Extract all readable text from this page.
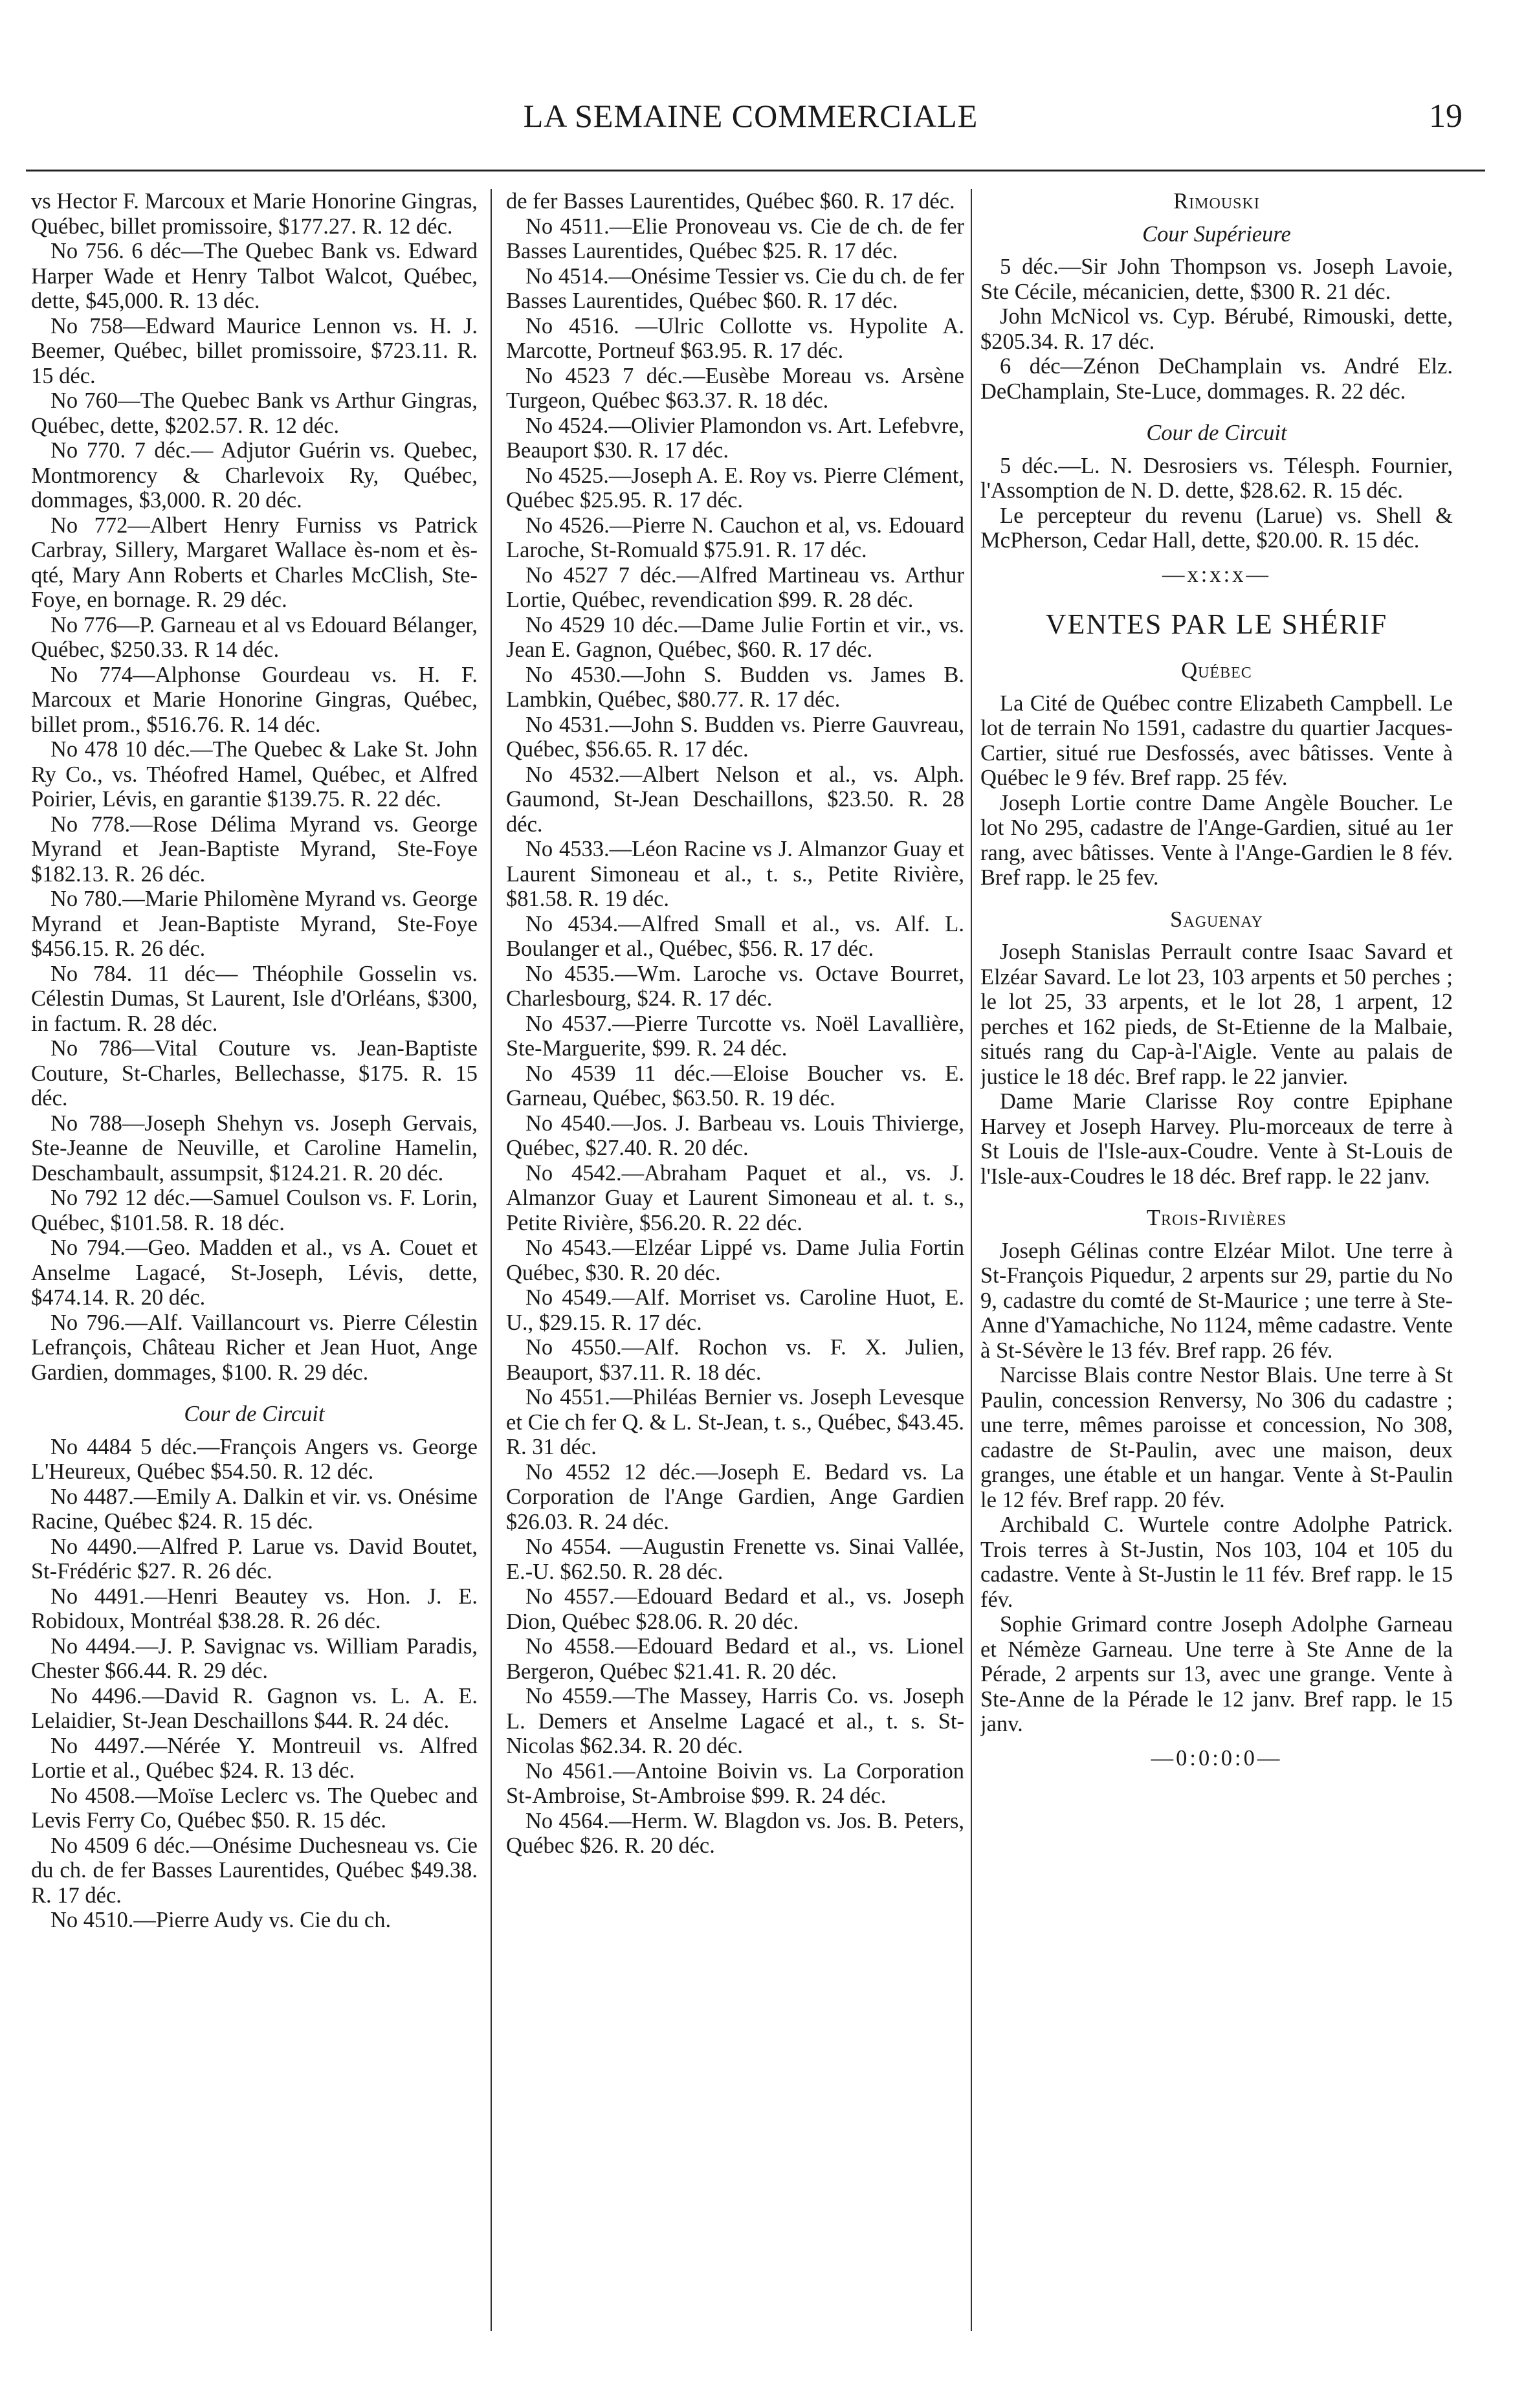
LA SEMAINE COMMERCIALE	19

vs Hector F. Marcoux et Marie Honorine Gingras, Québec, billet promissoire, $177.27. R. 12 déc.

No 756. 6 déc—The Quebec Bank vs. Edward Harper Wade et Henry Talbot Walcot, Québec, dette, $45,000. R. 13 déc.

No 758—Edward Maurice Lennon vs. H. J. Beemer, Québec, billet promissoire, $723.11. R. 15 déc.

No 760—The Quebec Bank vs Arthur Gingras, Québec, dette, $202.57. R. 12 déc.

No 770. 7 déc.— Adjutor Guérin vs. Quebec, Montmorency & Charlevoix Ry, Québec, dommages, $3,000. R. 20 déc.

No 772—Albert Henry Furniss vs Patrick Carbray, Sillery, Margaret Wallace ès-nom et ès-qté, Mary Ann Roberts et Charles McClish, Ste-Foye, en bornage. R. 29 déc.

No 776—P. Garneau et al vs Edouard Bélanger, Québec, $250.33. R 14 déc.

No 774—Alphonse Gourdeau vs. H. F. Marcoux et Marie Honorine Gingras, Québec, billet prom., $516.76. R. 14 déc.

No 478 10 déc.—The Quebec & Lake St. John Ry Co., vs. Théofred Hamel, Québec, et Alfred Poirier, Lévis, en garantie $139.75. R. 22 déc.

No 778.—Rose Délima Myrand vs. George Myrand et Jean-Baptiste Myrand, Ste-Foye $182.13. R. 26 déc.

No 780.—Marie Philomène Myrand vs. George Myrand et Jean-Baptiste Myrand, Ste-Foye $456.15. R. 26 déc.

No 784. 11 déc— Théophile Gosselin vs. Célestin Dumas, St Laurent, Isle d'Orléans, $300, in factum. R. 28 déc.

No 786—Vital Couture vs. Jean-Baptiste Couture, St-Charles, Bellechasse, $175. R. 15 déc.

No 788—Joseph Shehyn vs. Joseph Gervais, Ste-Jeanne de Neuville, et Caroline Hamelin, Deschambault, assumpsit, $124.21. R. 20 déc.

No 792 12 déc.—Samuel Coulson vs. F. Lorin, Québec, $101.58. R. 18 déc.

No 794.—Geo. Madden et al., vs A. Couet et Anselme Lagacé, St-Joseph, Lévis, dette, $474.14. R. 20 déc.

No 796.—Alf. Vaillancourt vs. Pierre Célestin Lefrançois, Château Richer et Jean Huot, Ange Gardien, dommages, $100. R. 29 déc.

Cour de Circuit

No 4484 5 déc.—François Angers vs. George L'Heureux, Québec $54.50. R. 12 déc.

No 4487.—Emily A. Dalkin et vir. vs. Onésime Racine, Québec $24. R. 15 déc.

No 4490.—Alfred P. Larue vs. David Boutet, St-Frédéric $27. R. 26 déc.

No 4491.—Henri Beautey vs. Hon. J. E. Robidoux, Montréal $38.28. R. 26 déc.

No 4494.—J. P. Savignac vs. William Paradis, Chester $66.44. R. 29 déc.

No 4496.—David R. Gagnon vs. L. A. E. Lelaidier, St-Jean Deschaillons $44. R. 24 déc.

No 4497.—Nérée Y. Montreuil vs. Alfred Lortie et al., Québec $24. R. 13 déc.

No 4508.—Moïse Leclerc vs. The Quebec and Levis Ferry Co, Québec $50. R. 15 déc.

No 4509 6 déc.—Onésime Duchesneau vs. Cie du ch. de fer Basses Laurentides, Québec $49.38. R. 17 déc.

No 4510.—Pierre Audy vs. Cie du ch.

de fer Basses Laurentides, Québec $60. R. 17 déc.

No 4511.—Elie Pronoveau vs. Cie de ch. de fer Basses Laurentides, Québec $25. R. 17 déc.

No 4514.—Onésime Tessier vs. Cie du ch. de fer Basses Laurentides, Québec $60. R. 17 déc.

No 4516. —Ulric Collotte vs. Hypolite A. Marcotte, Portneuf $63.95. R. 17 déc.

No 4523 7 déc.—Eusèbe Moreau vs. Arsène Turgeon, Québec $63.37. R. 18 déc.

No 4524.—Olivier Plamondon vs. Art. Lefebvre, Beauport $30. R. 17 déc.

No 4525.—Joseph A. E. Roy vs. Pierre Clément, Québec $25.95. R. 17 déc.

No 4526.—Pierre N. Cauchon et al, vs. Edouard Laroche, St-Romuald $75.91. R. 17 déc.

No 4527 7 déc.—Alfred Martineau vs. Arthur Lortie, Québec, revendication $99. R. 28 déc.

No 4529 10 déc.—Dame Julie Fortin et vir., vs. Jean E. Gagnon, Québec, $60. R. 17 déc.

No 4530.—John S. Budden vs. James B. Lambkin, Québec, $80.77. R. 17 déc.

No 4531.—John S. Budden vs. Pierre Gauvreau, Québec, $56.65. R. 17 déc.

No 4532.—Albert Nelson et al., vs. Alph. Gaumond, St-Jean Deschaillons, $23.50. R. 28 déc.

No 4533.—Léon Racine vs J. Almanzor Guay et Laurent Simoneau et al., t. s., Petite Rivière, $81.58. R. 19 déc.

No 4534.—Alfred Small et al., vs. Alf. L. Boulanger et al., Québec, $56. R. 17 déc.

No 4535.—Wm. Laroche vs. Octave Bourret, Charlesbourg, $24. R. 17 déc.

No 4537.—Pierre Turcotte vs. Noël Lavallière, Ste-Marguerite, $99. R. 24 déc.

No 4539 11 déc.—Eloise Boucher vs. E. Garneau, Québec, $63.50. R. 19 déc.

No 4540.—Jos. J. Barbeau vs. Louis Thivierge, Québec, $27.40. R. 20 déc.

No 4542.—Abraham Paquet et al., vs. J. Almanzor Guay et Laurent Simoneau et al. t. s., Petite Rivière, $56.20. R. 22 déc.

No 4543.—Elzéar Lippé vs. Dame Julia Fortin Québec, $30. R. 20 déc.

No 4549.—Alf. Morriset vs. Caroline Huot, E. U., $29.15. R. 17 déc.

No 4550.—Alf. Rochon vs. F. X. Julien, Beauport, $37.11. R. 18 déc.

No 4551.—Philéas Bernier vs. Joseph Levesque et Cie ch fer Q. & L. St-Jean, t. s., Québec, $43.45. R. 31 déc.

No 4552 12 déc.—Joseph E. Bedard vs. La Corporation de l'Ange Gardien, Ange Gardien $26.03. R. 24 déc.

No 4554. —Augustin Frenette vs. Sinai Vallée, E.-U. $62.50. R. 28 déc.

No 4557.—Edouard Bedard et al., vs. Joseph Dion, Québec $28.06. R. 20 déc.

No 4558.—Edouard Bedard et al., vs. Lionel Bergeron, Québec $21.41. R. 20 déc.

No 4559.—The Massey, Harris Co. vs. Joseph L. Demers et Anselme Lagacé et al., t. s. St-Nicolas $62.34. R. 20 déc.

No 4561.—Antoine Boivin vs. La Corporation St-Ambroise, St-Ambroise $99. R. 24 déc.

No 4564.—Herm. W. Blagdon vs. Jos. B. Peters, Québec $26. R. 20 déc.

Rimouski

Cour Supérieure

5 déc.—Sir John Thompson vs. Joseph Lavoie, Ste Cécile, mécanicien, dette, $300 R. 21 déc.

John McNicol vs. Cyp. Bérubé, Rimouski, dette, $205.34. R. 17 déc.

6 déc—Zénon DeChamplain vs. André Elz. DeChamplain, Ste-Luce, dommages. R. 22 déc.

Cour de Circuit

5 déc.—L. N. Desrosiers vs. Télesph. Fournier, l'Assomption de N. D. dette, $28.62. R. 15 déc.

Le percepteur du revenu (Larue) vs. Shell & McPherson, Cedar Hall, dette, $20.00. R. 15 déc.

—x:x:x—

VENTES PAR LE SHÉRIF

Québec

La Cité de Québec contre Elizabeth Campbell. Le lot de terrain No 1591, cadastre du quartier Jacques-Cartier, situé rue Desfossés, avec bâtisses. Vente à Québec le 9 fév. Bref rapp. 25 fév.

Joseph Lortie contre Dame Angèle Boucher. Le lot No 295, cadastre de l'Ange-Gardien, situé au 1er rang, avec bâtisses. Vente à l'Ange-Gardien le 8 fév. Bref rapp. le 25 fev.

Saguenay

Joseph Stanislas Perrault contre Isaac Savard et Elzéar Savard. Le lot 23, 103 arpents et 50 perches ; le lot 25, 33 arpents, et le lot 28, 1 arpent, 12 perches et 162 pieds, de St-Etienne de la Malbaie, situés rang du Cap-à-l'Aigle. Vente au palais de justice le 18 déc. Bref rapp. le 22 janvier.

Dame Marie Clarisse Roy contre Epiphane Harvey et Joseph Harvey. Plu-morceaux de terre à St Louis de l'Isle-aux-Coudre. Vente à St-Louis de l'Isle-aux-Coudres le 18 déc. Bref rapp. le 22 janv.

Trois-Rivières

Joseph Gélinas contre Elzéar Milot. Une terre à St-François Piquedur, 2 arpents sur 29, partie du No 9, cadastre du comté de St-Maurice ; une terre à Ste-Anne d'Yamachiche, No 1124, même cadastre. Vente à St-Sévère le 13 fév. Bref rapp. 26 fév.

Narcisse Blais contre Nestor Blais. Une terre à St Paulin, concession Renversy, No 306 du cadastre ; une terre, mêmes paroisse et concession, No 308, cadastre de St-Paulin, avec une maison, deux granges, une étable et un hangar. Vente à St-Paulin le 12 fév. Bref rapp. 20 fév.

Archibald C. Wurtele contre Adolphe Patrick. Trois terres à St-Justin, Nos 103, 104 et 105 du cadastre. Vente à St-Justin le 11 fév. Bref rapp. le 15 fév.

Sophie Grimard contre Joseph Adolphe Garneau et Némèze Garneau. Une terre à Ste Anne de la Pérade, 2 arpents sur 13, avec une grange. Vente à Ste-Anne de la Pérade le 12 janv. Bref rapp. le 15 janv.

—0:0:0:0—
